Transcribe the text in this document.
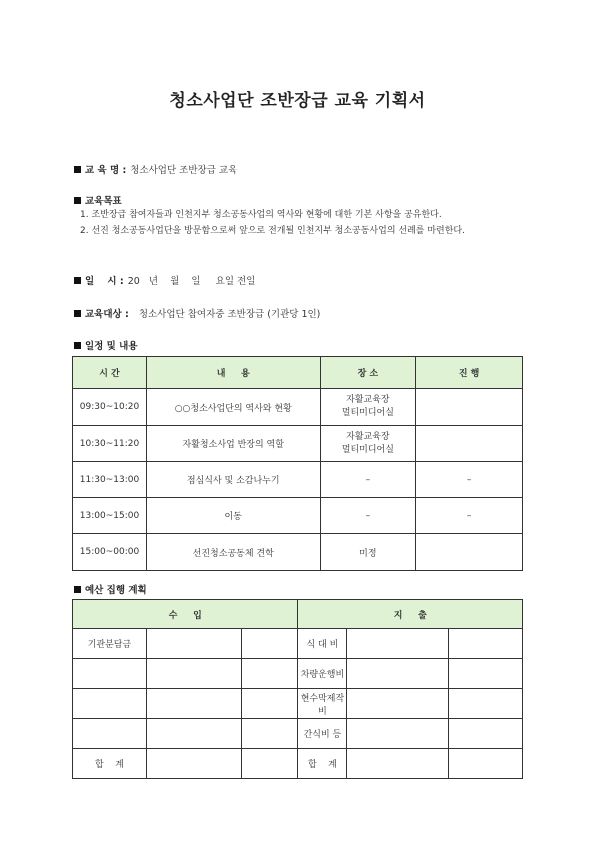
청소사업단 조반장급 교육 기획서
교 육 명 : 청소사업단 조반장급 교육
교육목표
1. 조반장급 참여자들과 인천지부 청소공동사업의 역사와 현황에 대한 기본 사항을 공유한다.
2. 선진 청소공동사업단을 방문함으로써 앞으로 전개될 인천지부 청소공동사업의 선례를 마련한다.
일    시 : 20   년    월    일     요일 전일
교육대상 : 청소사업단 참여자중 조반장급 (기관당 1인)
일정 및 내용
시 간	내     용	장 소	진 행
09:30~10:20	○○청소사업단의 역사와 현황	자활교육장
멀티미디어실	

10:30~11:20	자활청소사업 반장의 역할	자활교육장
멀티미디어실	

11:30~13:00	점심식사 및 소감나누기	–	–
13:00~15:00	이동	–	–
15:00~00:00	선진청소공동체 견학	미정	
예산 집행 계획
수     입			지     출		
기관분담금			식 대 비		
			차량운행비		
			현수막제작비		
			간식비 등		
합    계			합    계		
